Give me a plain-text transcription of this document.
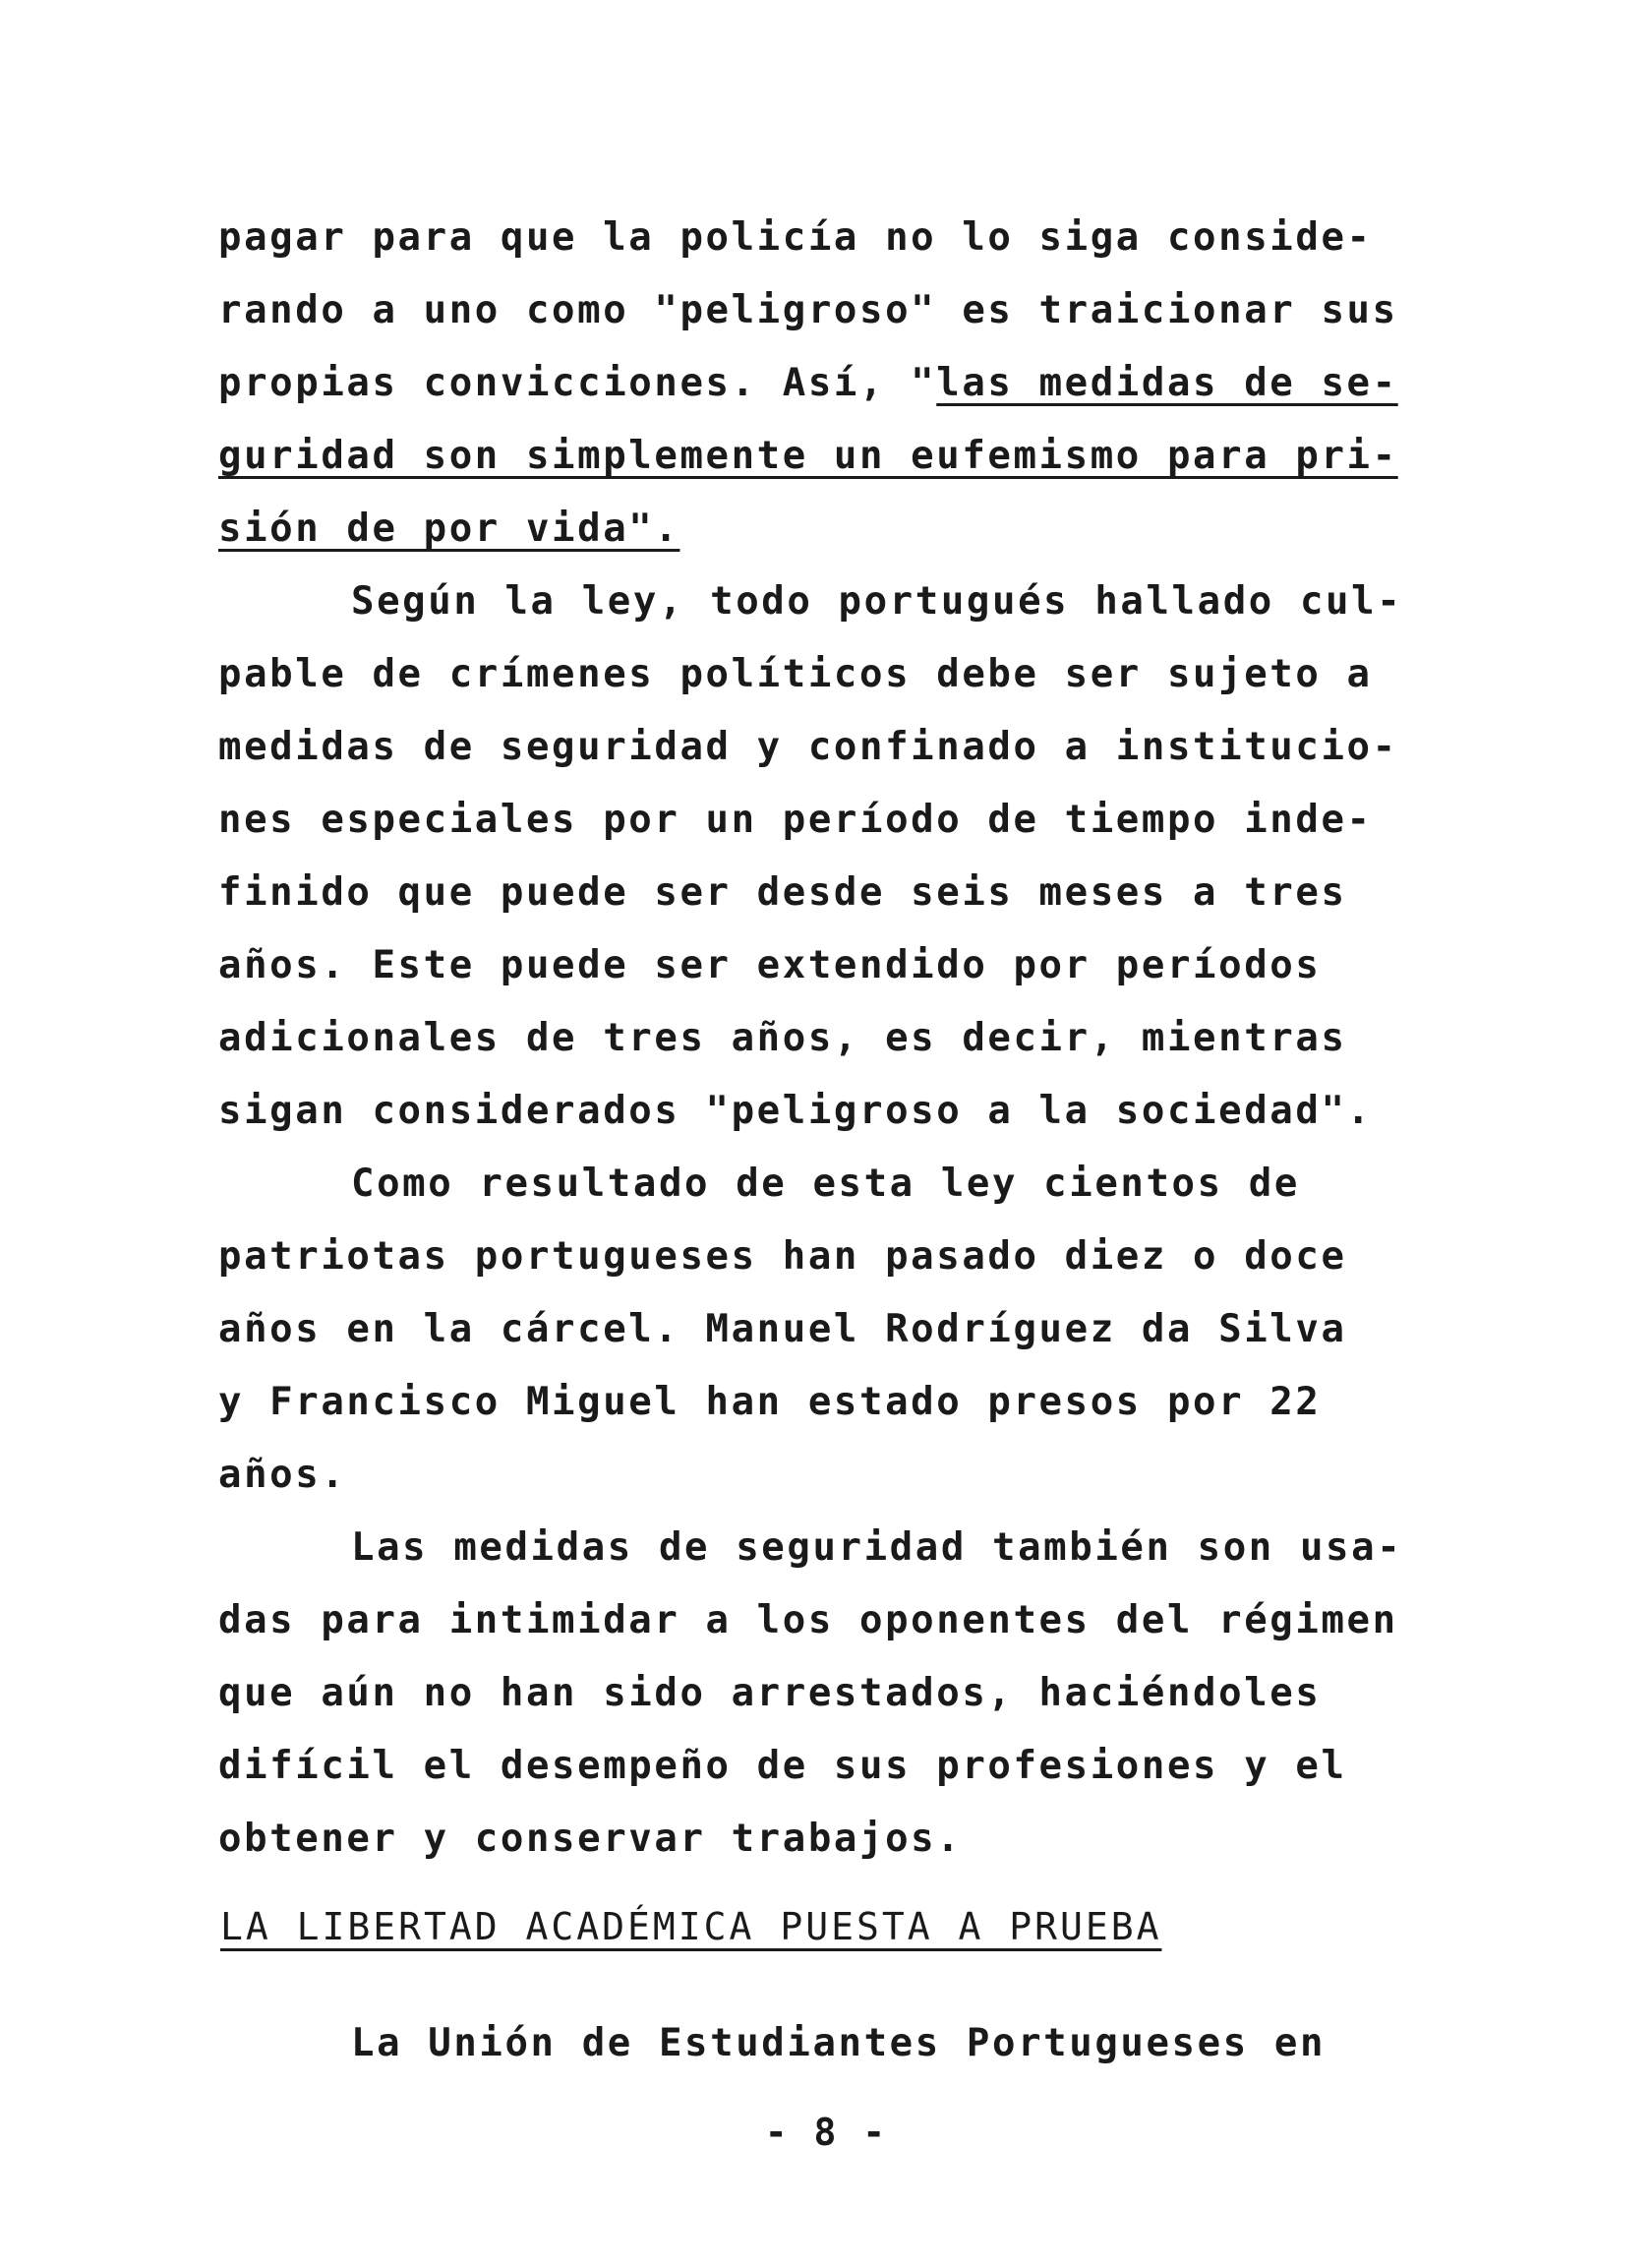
pagar para que la policía no lo siga conside-
rando a uno como "peligroso" es traicionar sus
propias convicciones. Así, "las medidas de se-
guridad son simplemente un eufemismo para pri-
sión de por vida".
Según la ley, todo portugués hallado cul-
pable de crímenes políticos debe ser sujeto a
medidas de seguridad y confinado a institucio-
nes especiales por un período de tiempo inde-
finido que puede ser desde seis meses a tres
años. Este puede ser extendido por períodos
adicionales de tres años, es decir, mientras
sigan considerados "peligroso a la sociedad".
Como resultado de esta ley cientos de
patriotas portugueses han pasado diez o doce
años en la cárcel. Manuel Rodríguez da Silva
y Francisco Miguel han estado presos por 22
años.
Las medidas de seguridad también son usa-
das para intimidar a los oponentes del régimen
que aún no han sido arrestados, haciéndoles
difícil el desempeño de sus profesiones y el
obtener y conservar trabajos.
LA LIBERTAD ACADÉMICA PUESTA A PRUEBA
La Unión de Estudiantes Portugueses en
- 8 -
